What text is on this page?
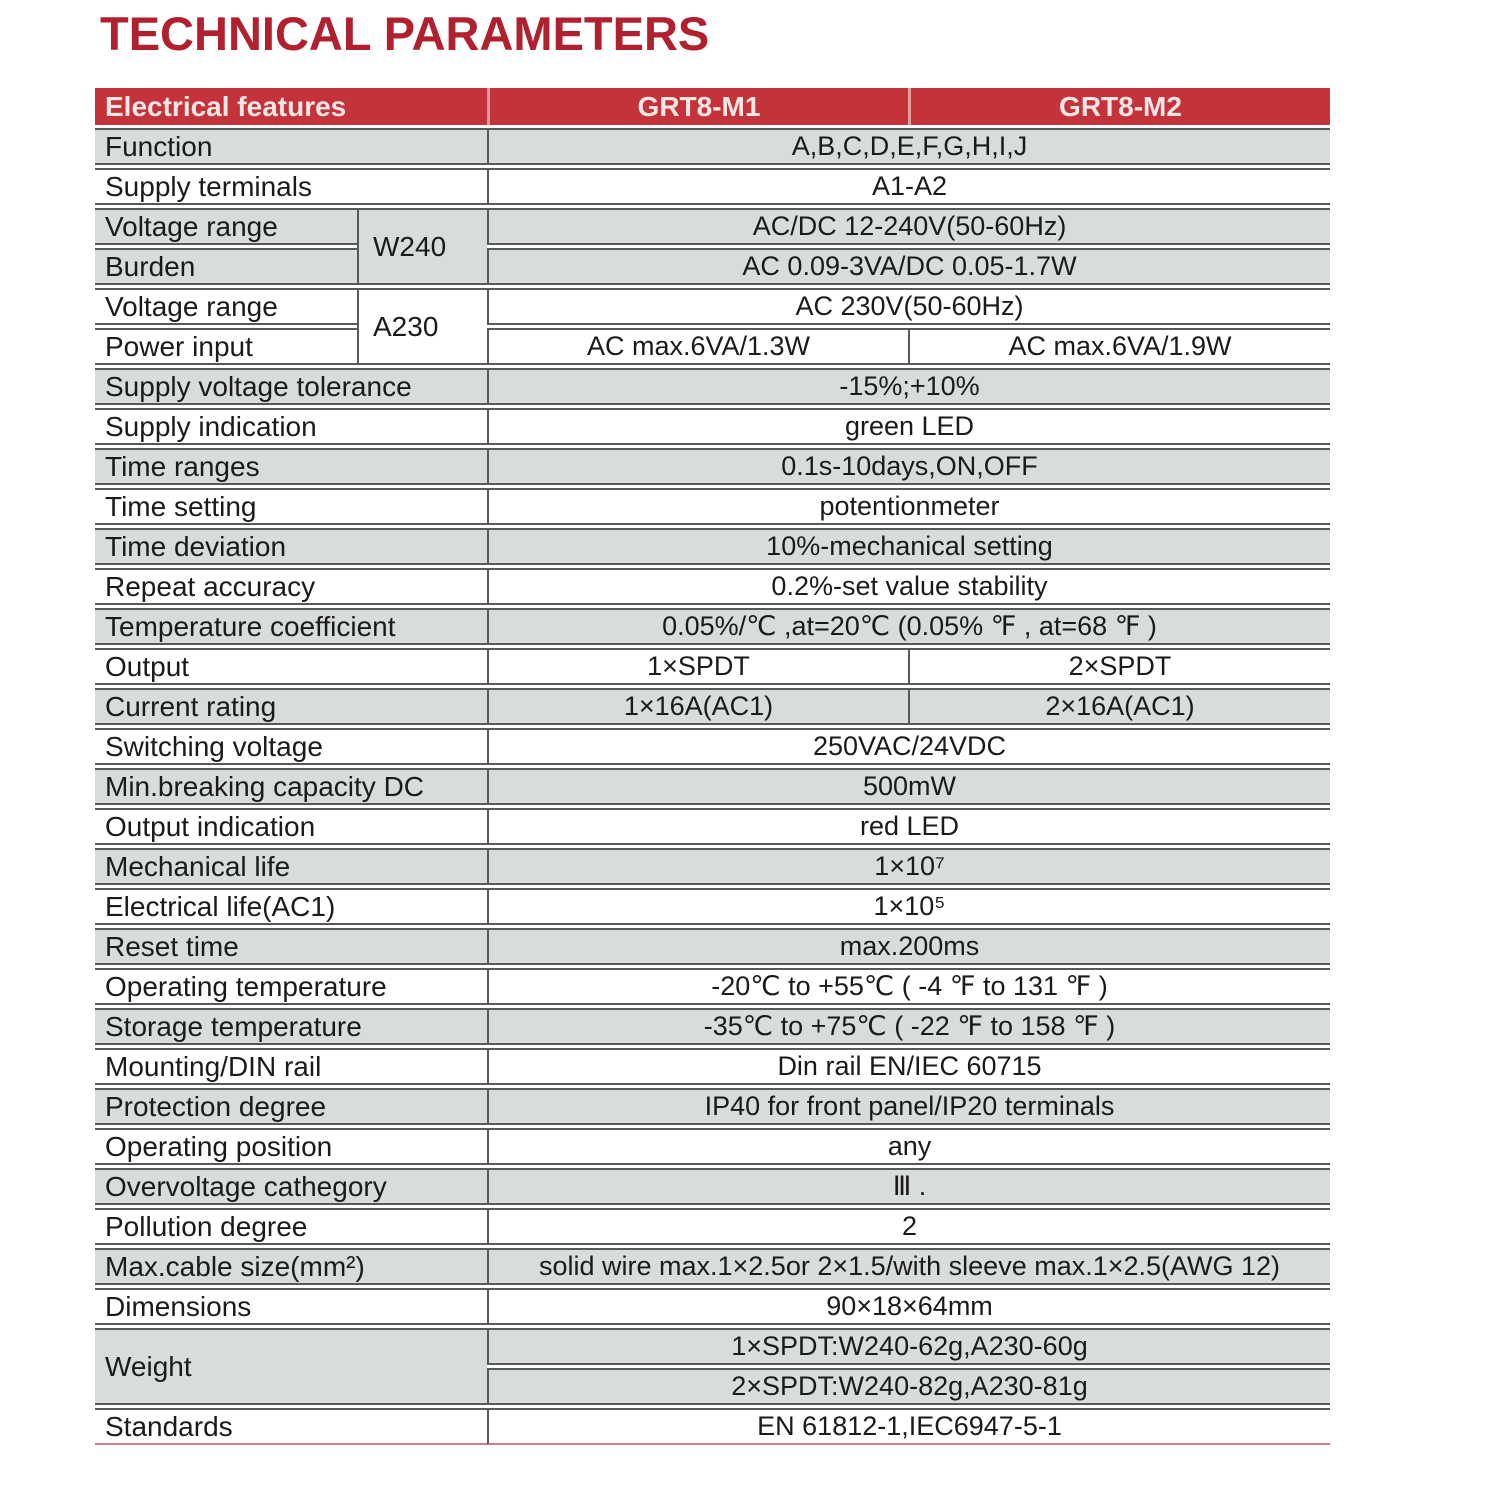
TECHNICAL PARAMETERS
Electrical features		GRT8-M1	GRT8-M2
Function		A,B,C,D,E,F,G,H,I,J	
Supply terminals		A1-A2	
Voltage range	W240	AC/DC 12-240V(50-60Hz)	
Burden		AC 0.09-3VA/DC 0.05-1.7W	
Voltage range	A230	AC 230V(50-60Hz)	
Power input		AC max.6VA/1.3W	AC max.6VA/1.9W
Supply voltage tolerance		-15%;+10%	
Supply indication		green LED	
Time ranges		0.1s-10days,ON,OFF	
Time setting		potentionmeter	
Time deviation		10%-mechanical setting	
Repeat accuracy		0.2%-set value stability	
Temperature coefficient		0.05%/℃ ,at=20℃ (0.05% ℉ , at=68 ℉ )	
Output		1×SPDT	2×SPDT
Current rating		1×16A(AC1)	2×16A(AC1)
Switching voltage		250VAC/24VDC	
Min.breaking capacity DC		500mW	
Output indication		red LED	
Mechanical life		1×10⁷	
Electrical life(AC1)		1×10⁵	
Reset time		max.200ms	
Operating temperature		-20℃ to +55℃ ( -4 ℉ to 131 ℉ )	
Storage temperature		-35℃ to +75℃ ( -22 ℉ to 158 ℉ )	
Mounting/DIN rail		Din rail EN/IEC 60715	
Protection degree		IP40 for front panel/IP20 terminals	
Operating position		any	
Overvoltage cathegory		Ⅲ .	
Pollution degree		2	
Max.cable size(mm²)		solid wire max.1×2.5or 2×1.5/with sleeve max.1×2.5(AWG 12)	
Dimensions		90×18×64mm	
Weight		1×SPDT:W240-62g,A230-60g	
		2×SPDT:W240-82g,A230-81g	
Standards		EN 61812-1,IEC6947-5-1	
